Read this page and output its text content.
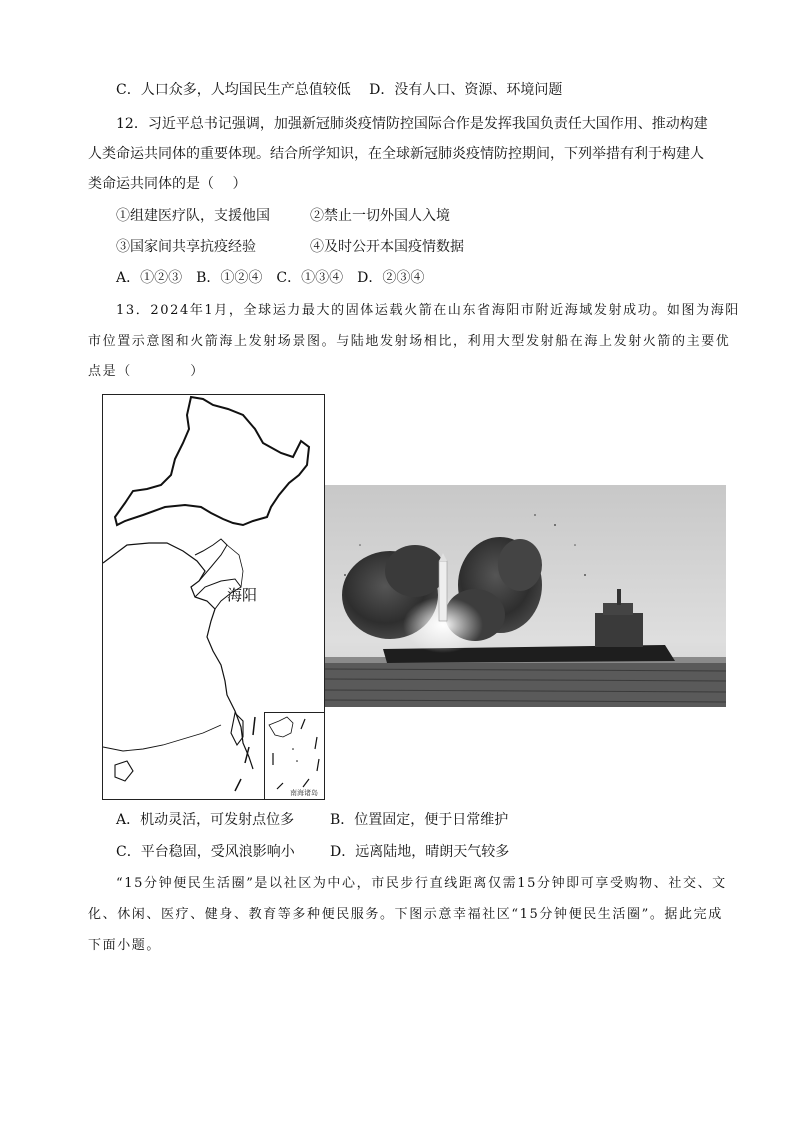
C．人口众多，人均国民生产总值较低　 D．没有人口、资源、环境问题
12．习近平总书记强调，加强新冠肺炎疫情防控国际合作是发挥我国负责任大国作用、推动构建
人类命运共同体的重要体现。结合所学知识，在全球新冠肺炎疫情防控期间，下列举措有利于构建人
类命运共同体的是（　 ）
①组建医疗队，支援他国	②禁止一切外国人入境
③国家间共享抗疫经验	④及时公开本国疫情数据
A．①②③　B．①②④　C．①③④　D．②③④
13．2024年1月，全球运力最大的固体运载火箭在山东省海阳市附近海域发射成功。如图为海阳
市位置示意图和火箭海上发射场景图。与陆地发射场相比，利用大型发射船在海上发射火箭的主要优
点是（　　　　）
海阳
南海诸岛
A．机动灵活，可发射点位多	B．位置固定，便于日常维护
C．平台稳固，受风浪影响小	D．远离陆地，晴朗天气较多
“15分钟便民生活圈”是以社区为中心，市民步行直线距离仅需15分钟即可享受购物、社交、文
化、休闲、医疗、健身、教育等多种便民服务。下图示意幸福社区“15分钟便民生活圈”。据此完成
下面小题。
